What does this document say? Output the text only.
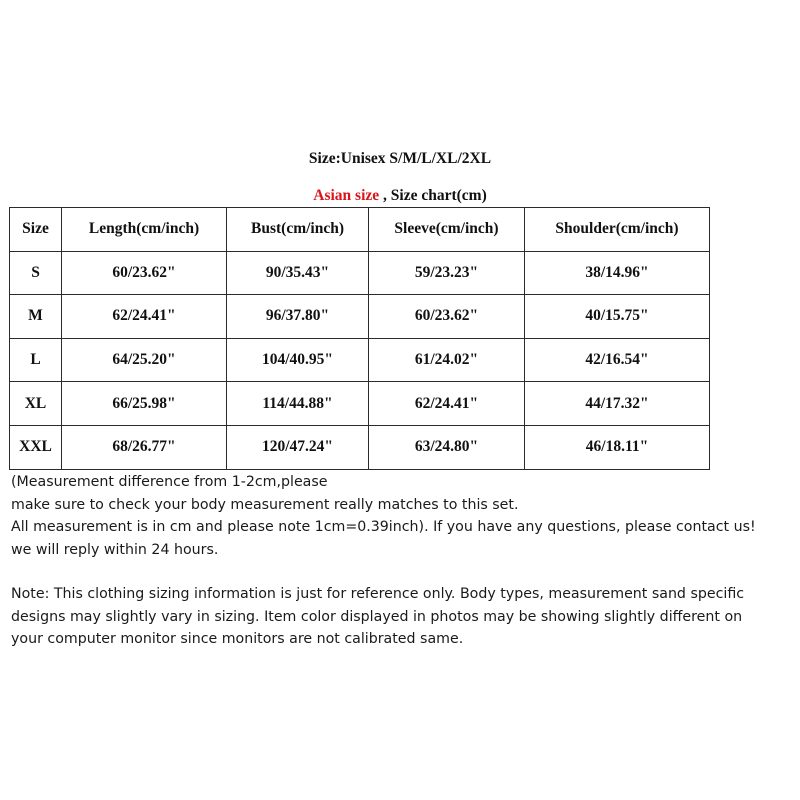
Size:Unisex S/M/L/XL/2XL
Asian size , Size chart(cm)
Size	Length(cm/inch)	Bust(cm/inch)	Sleeve(cm/inch)	Shoulder(cm/inch)
S	60/23.62"	90/35.43"	59/23.23"	38/14.96"
M	62/24.41"	96/37.80"	60/23.62"	40/15.75"
L	64/25.20"	104/40.95"	61/24.02"	42/16.54"
XL	66/25.98"	114/44.88"	62/24.41"	44/17.32"
XXL	68/26.77"	120/47.24"	63/24.80"	46/18.11"
(Measurement difference from 1-2cm,please
make sure to check your body measurement really matches to this set.
All measurement is in cm and please note 1cm=0.39inch). If you have any questions, please contact us!
we will reply within 24 hours.
Note: This clothing sizing information is just for reference only. Body types, measurement sand specific
designs may slightly vary in sizing. Item color displayed in photos may be showing slightly different on
your computer monitor since monitors are not calibrated same.
